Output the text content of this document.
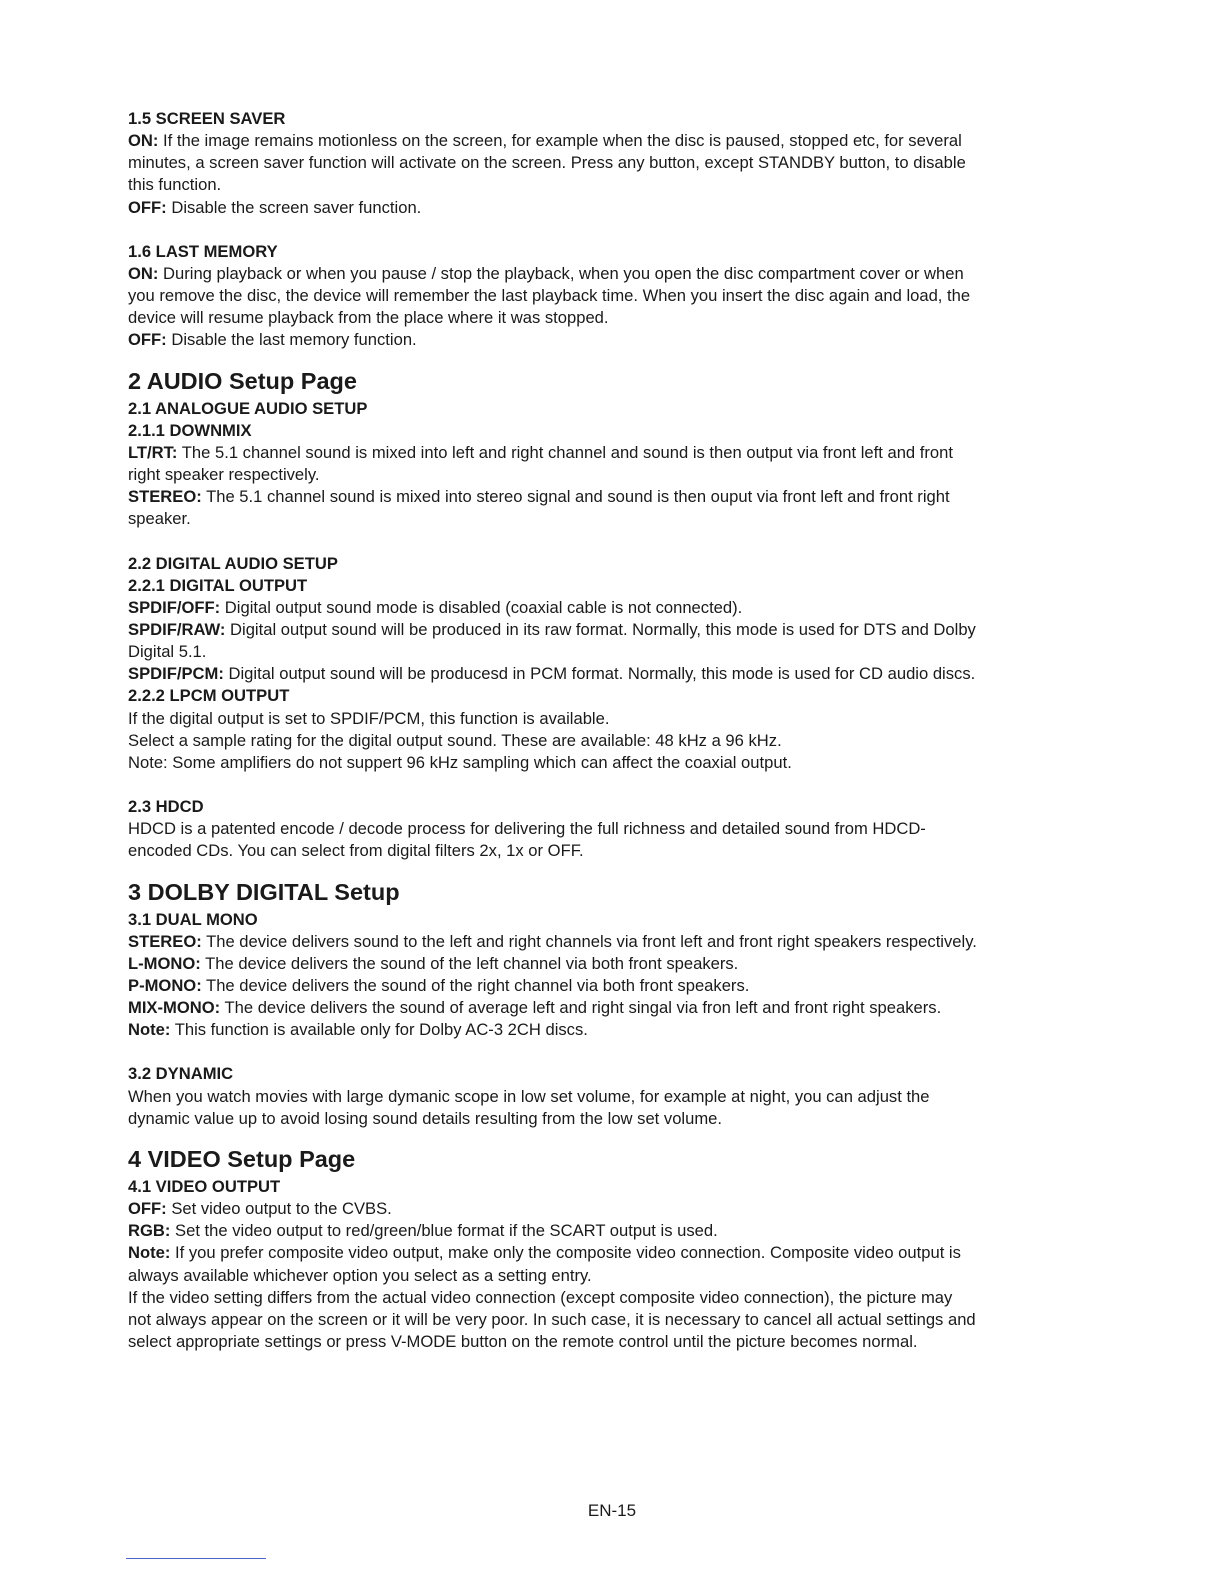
1.5 SCREEN SAVER

ON: If the image remains motionless on the screen, for example when the disc is paused, stopped etc, for several

minutes, a screen saver function will activate on the screen. Press any button, except STANDBY button, to disable

this function.

OFF: Disable the screen saver function.

1.6 LAST MEMORY

ON: During playback or when you pause / stop the playback, when you open the disc compartment cover or when

you remove the disc, the device will remember the last playback time. When you insert the disc again and load, the

device will resume playback from the place where it was stopped.

OFF: Disable the last memory function.

2 AUDIO Setup Page

2.1 ANALOGUE AUDIO SETUP

2.1.1 DOWNMIX

LT/RT: The 5.1 channel sound is mixed into left and right channel and sound is then output via front left and front

right speaker respectively.

STEREO: The 5.1 channel sound is mixed into stereo signal and sound is then ouput via front left and front right

speaker.

2.2 DIGITAL AUDIO SETUP

2.2.1 DIGITAL OUTPUT

SPDIF/OFF: Digital output sound mode is disabled (coaxial cable is not connected).

SPDIF/RAW: Digital output sound will be produced in its raw format. Normally, this mode is used for DTS and Dolby

Digital 5.1.

SPDIF/PCM: Digital output sound will be producesd in PCM format. Normally, this mode is used for CD audio discs.

2.2.2 LPCM OUTPUT

If the digital output is set to SPDIF/PCM, this function is available.

Select a sample rating for the digital output sound. These are available: 48 kHz a 96 kHz.

Note: Some amplifiers do not suppert 96 kHz sampling which can affect the coaxial output.

2.3 HDCD

HDCD is a patented encode / decode process for delivering the full richness and detailed sound from HDCD-

encoded CDs. You can select from digital filters 2x, 1x or OFF.

3 DOLBY DIGITAL Setup

3.1 DUAL MONO

STEREO: The device delivers sound to the left and right channels via front left and front right speakers respectively.

L-MONO: The device delivers the sound of the left channel via both front speakers.

P-MONO: The device delivers the sound of the right channel via both front speakers.

MIX-MONO: The device delivers the sound of average left and right singal via fron left and front right speakers.

Note: This function is available only for Dolby AC-3 2CH discs.

3.2 DYNAMIC

When you watch movies with large dymanic scope in low set volume, for example at night, you can adjust the

dynamic value up to avoid losing sound details resulting from the low set volume.

4 VIDEO Setup Page

4.1 VIDEO OUTPUT

OFF: Set video output to the CVBS.

RGB: Set the video output to red/green/blue format if the SCART output is used.

Note: If you prefer composite video output, make only the composite video connection. Composite video output is

always available whichever option you select as a setting entry.

If the video setting differs from the actual video connection (except composite video connection), the picture may

not always appear on the screen or it will be very poor. In such case, it is necessary to cancel all actual settings and

select appropriate settings or press V-MODE button on the remote control until the picture becomes normal.

EN-15
